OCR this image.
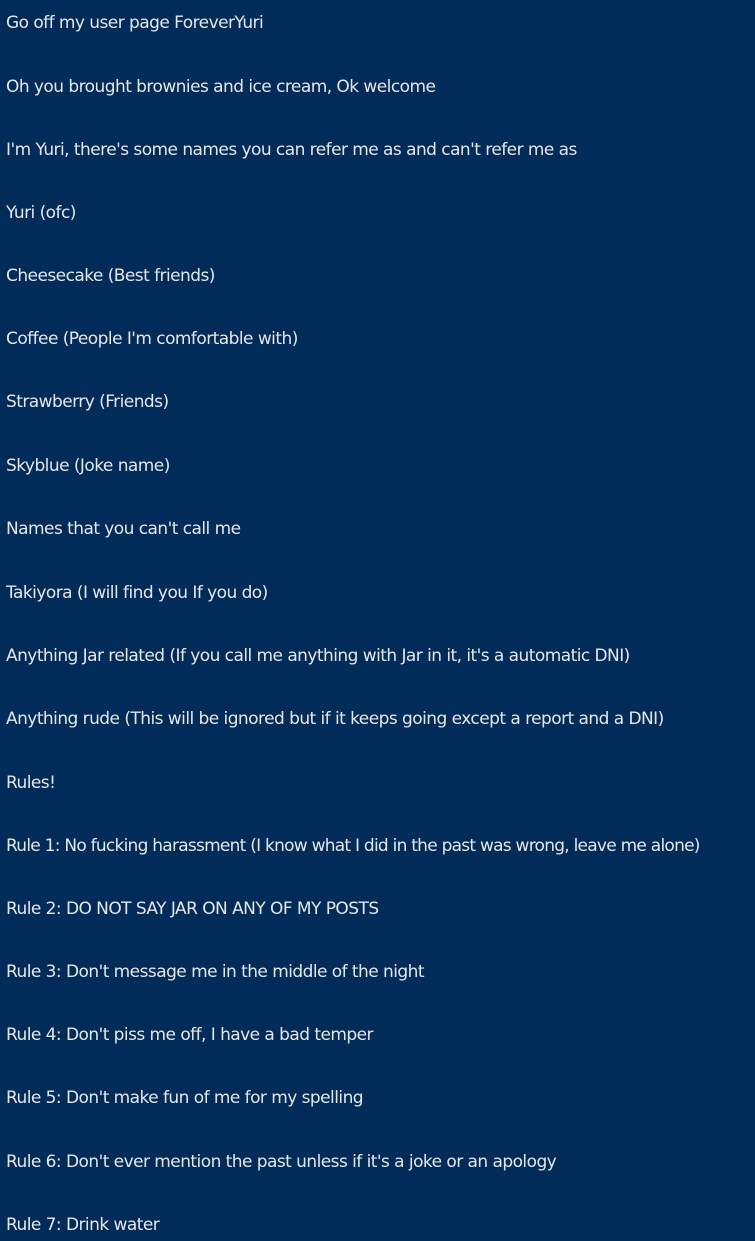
Go off my user page ForeverYuri

Oh you brought brownies and ice cream, Ok welcome

I'm Yuri, there's some names you can refer me as and can't refer me as

Yuri (ofc)

Cheesecake (Best friends)

Coffee (People I'm comfortable with)

Strawberry (Friends)

Skyblue (Joke name)

Names that you can't call me

Takiyora (I will find you If you do)

Anything Jar related (If you call me anything with Jar in it, it's a automatic DNI)

Anything rude (This will be ignored but if it keeps going except a report and a DNI)

Rules!

Rule 1: No fucking harassment (I know what I did in the past was wrong, leave me alone)

Rule 2: DO NOT SAY JAR ON ANY OF MY POSTS

Rule 3: Don't message me in the middle of the night

Rule 4: Don't piss me off, I have a bad temper

Rule 5: Don't make fun of me for my spelling

Rule 6: Don't ever mention the past unless if it's a joke or an apology

Rule 7: Drink water
